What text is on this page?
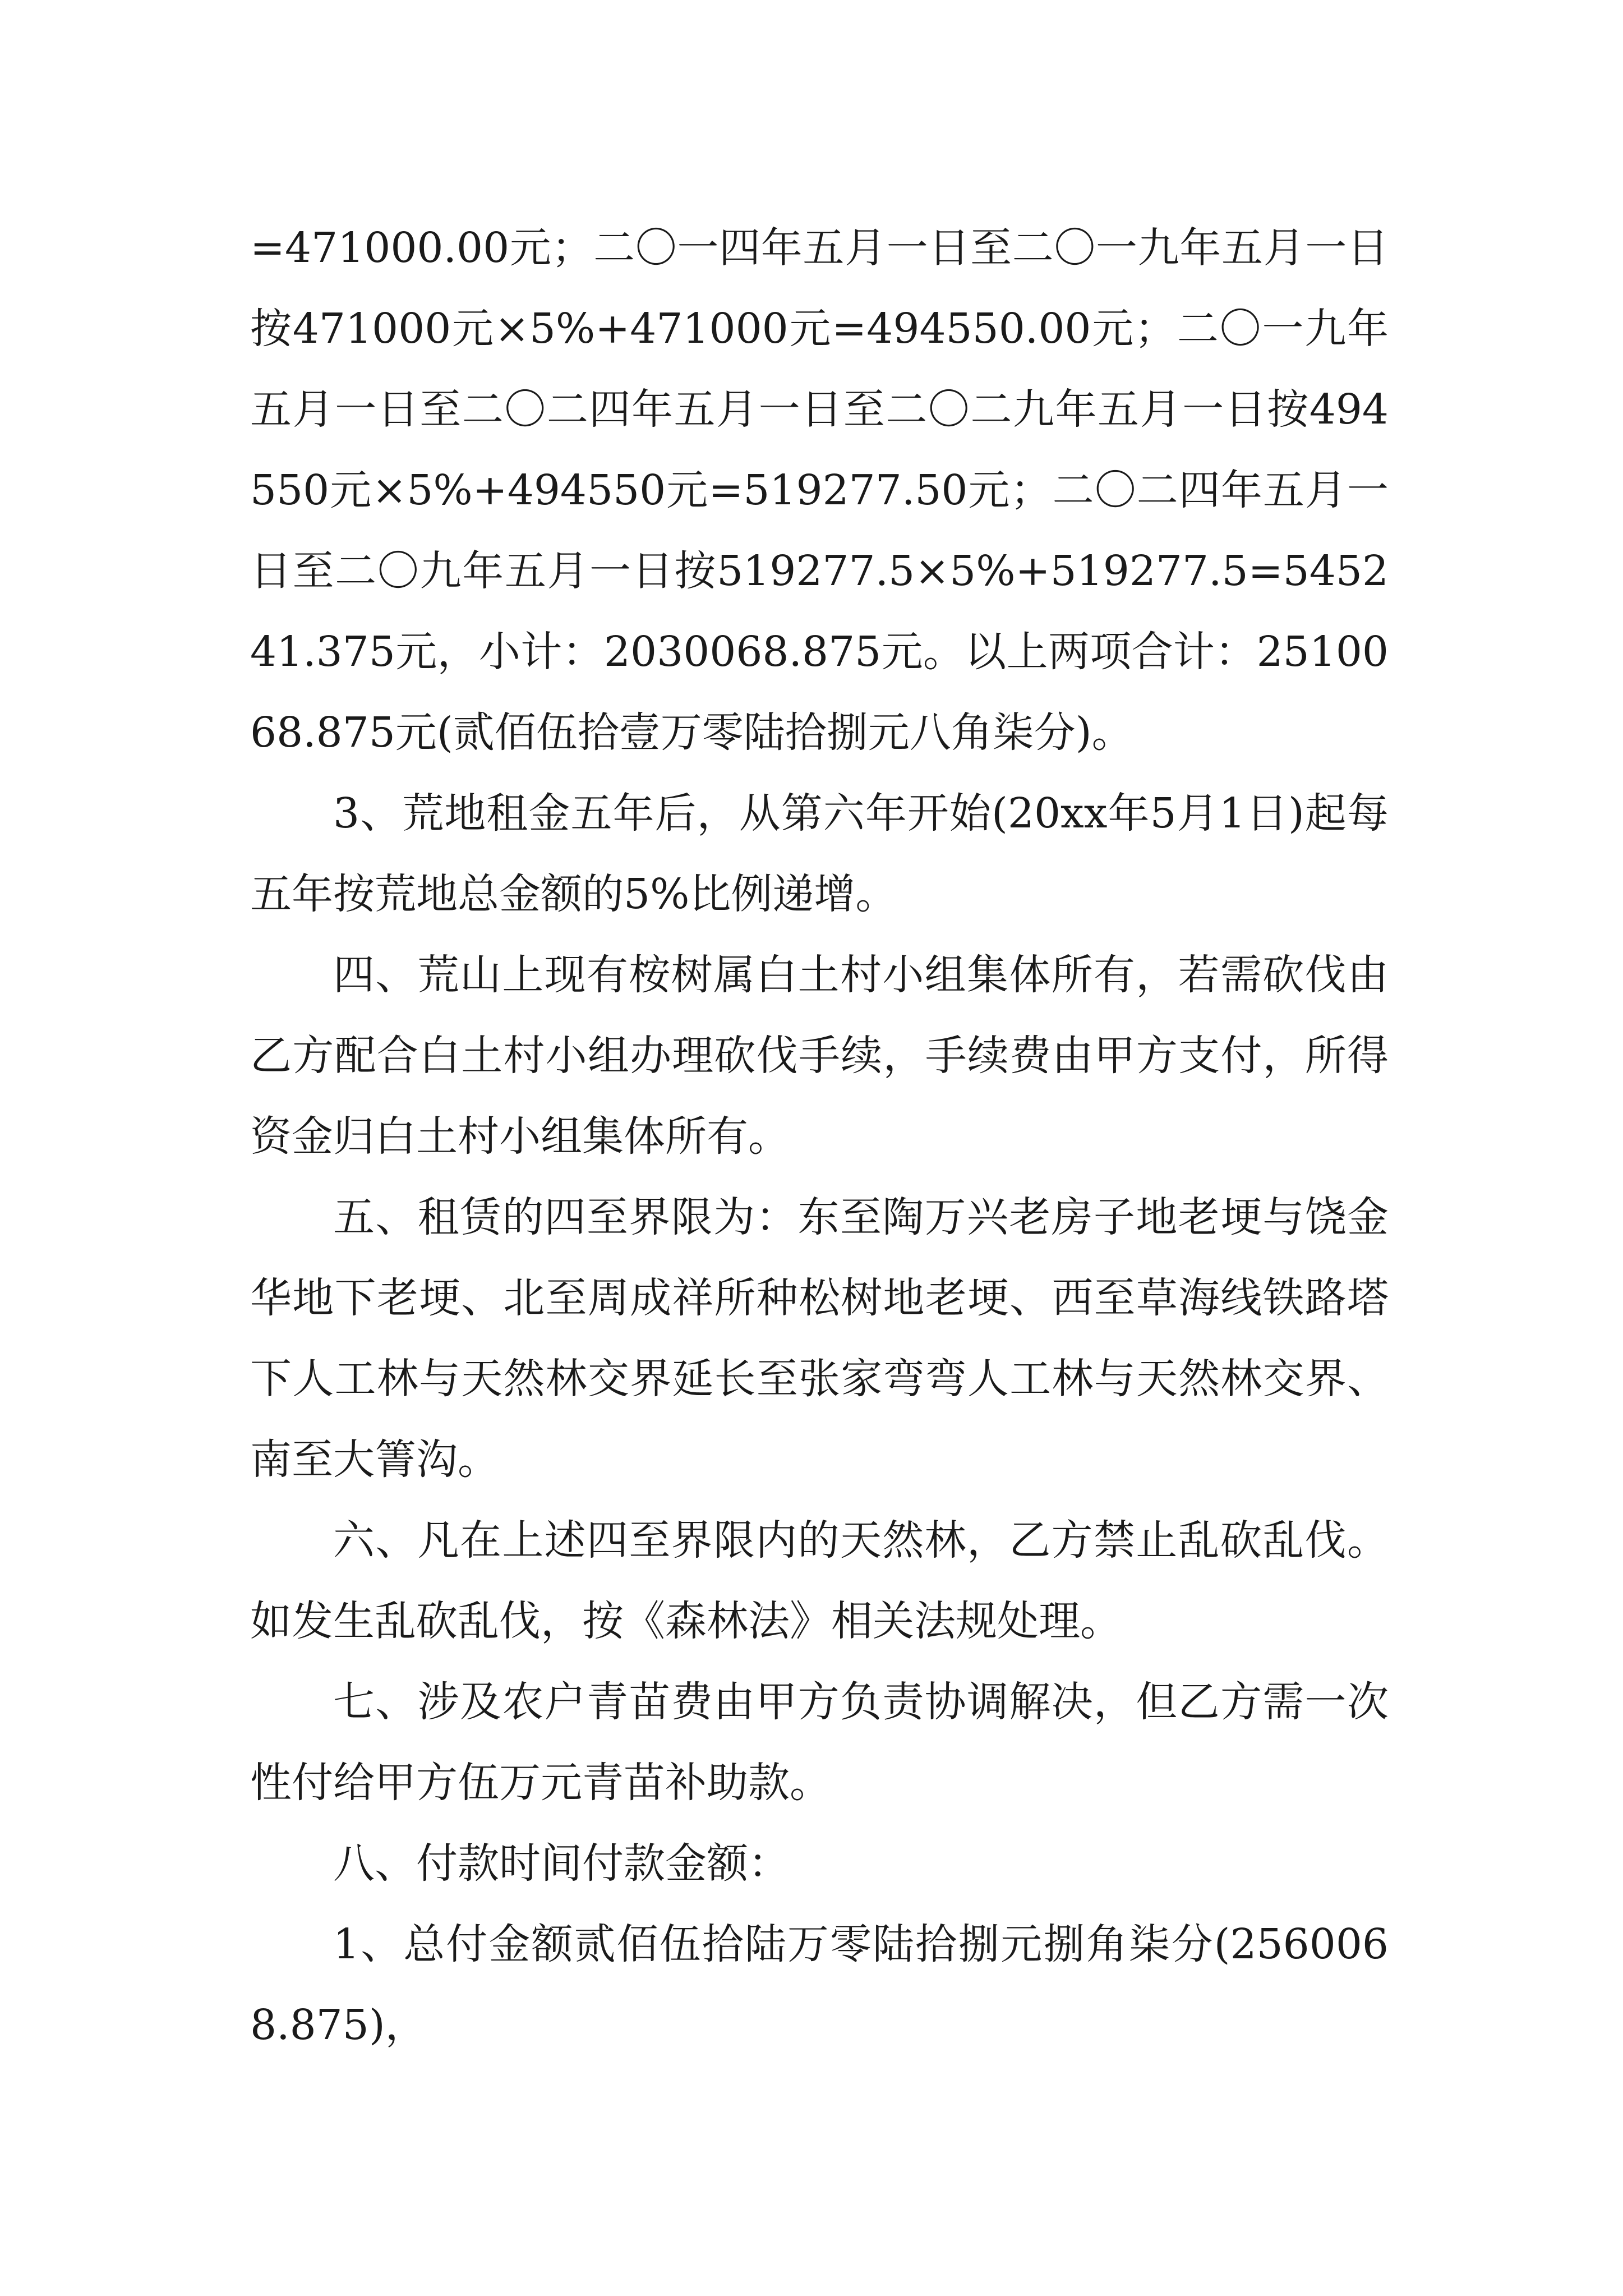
=471000.00元；二〇一四年五月一日至二〇一九年五月一日按471000元×5%+471000元=494550.00元；二〇一九年五月一日至二〇二四年五月一日至二〇二九年五月一日按494550元×5%+494550元=519277.50元；二〇二四年五月一日至二〇九年五月一日按519277.5×5%+519277.5=545241.375元，小计：2030068.875元。以上两项合计：2510068.875元(贰佰伍拾壹万零陆拾捌元八角柒分)。

3、荒地租金五年后，从第六年开始(20xx年5月1日)起每五年按荒地总金额的5%比例递增。

四、荒山上现有桉树属白土村小组集体所有，若需砍伐由乙方配合白土村小组办理砍伐手续，手续费由甲方支付，所得资金归白土村小组集体所有。

五、租赁的四至界限为：东至陶万兴老房子地老埂与饶金华地下老埂、北至周成祥所种松树地老埂、西至草海线铁路塔下人工林与天然林交界延长至张家弯弯人工林与天然林交界、南至大箐沟。

六、凡在上述四至界限内的天然林，乙方禁止乱砍乱伐。如发生乱砍乱伐，按《森林法》相关法规处理。

七、涉及农户青苗费由甲方负责协调解决，但乙方需一次性付给甲方伍万元青苗补助款。

八、付款时间付款金额：

1、总付金额贰佰伍拾陆万零陆拾捌元捌角柒分(2560068.875)，
